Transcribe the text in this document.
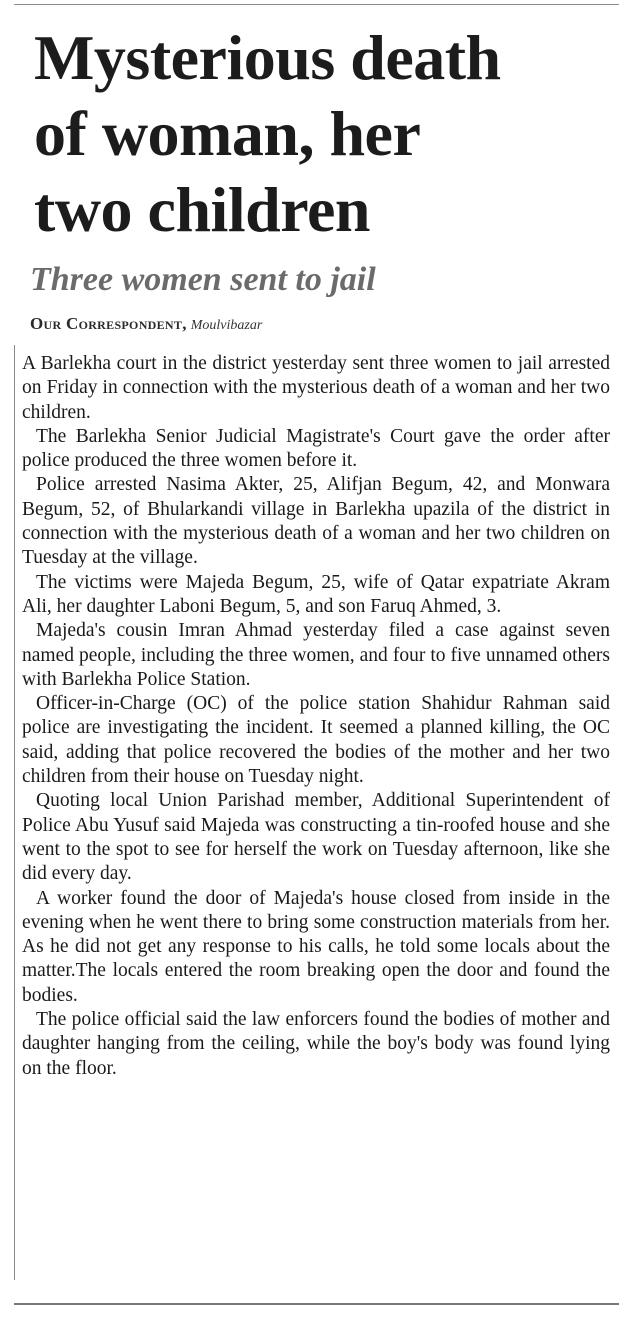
Mysterious death
of woman, her
two children
Three women sent to jail
Our Correspondent, Moulvibazar

A Barlekha court in the district yesterday sent three women to jail arrested on Friday in connection with the mysterious death of a woman and her two children.

The Barlekha Senior Judicial Magistrate's Court gave the order after police produced the three women before it.

Police arrested Nasima Akter, 25, Alifjan Begum, 42, and Monwara Begum, 52, of Bhularkandi village in Barlekha upazila of the district in connection with the mysterious death of a woman and her two children on Tuesday at the village.

The victims were Majeda Begum, 25, wife of Qatar expatriate Akram Ali, her daughter Laboni Begum, 5, and son Faruq Ahmed, 3.

Majeda's cousin Imran Ahmad yesterday filed a case against seven named people, including the three women, and four to five unnamed others with Barlekha Police Station.

Officer-in-Charge (OC) of the police station Shahidur Rahman said police are investigating the incident. It seemed a planned killing, the OC said, adding that police recovered the bodies of the mother and her two children from their house on Tuesday night.

Quoting local Union Parishad member, Additional Superintendent of Police Abu Yusuf said Majeda was constructing a tin-roofed house and she went to the spot to see for herself the work on Tuesday afternoon, like she did every day.

A worker found the door of Majeda's house closed from inside in the evening when he went there to bring some construction materials from her. As he did not get any response to his calls, he told some locals about the matter.The locals entered the room breaking open the door and found the bodies.

The police official said the law enforcers found the bodies of mother and daughter hanging from the ceiling, while the boy's body was found lying on the floor.
